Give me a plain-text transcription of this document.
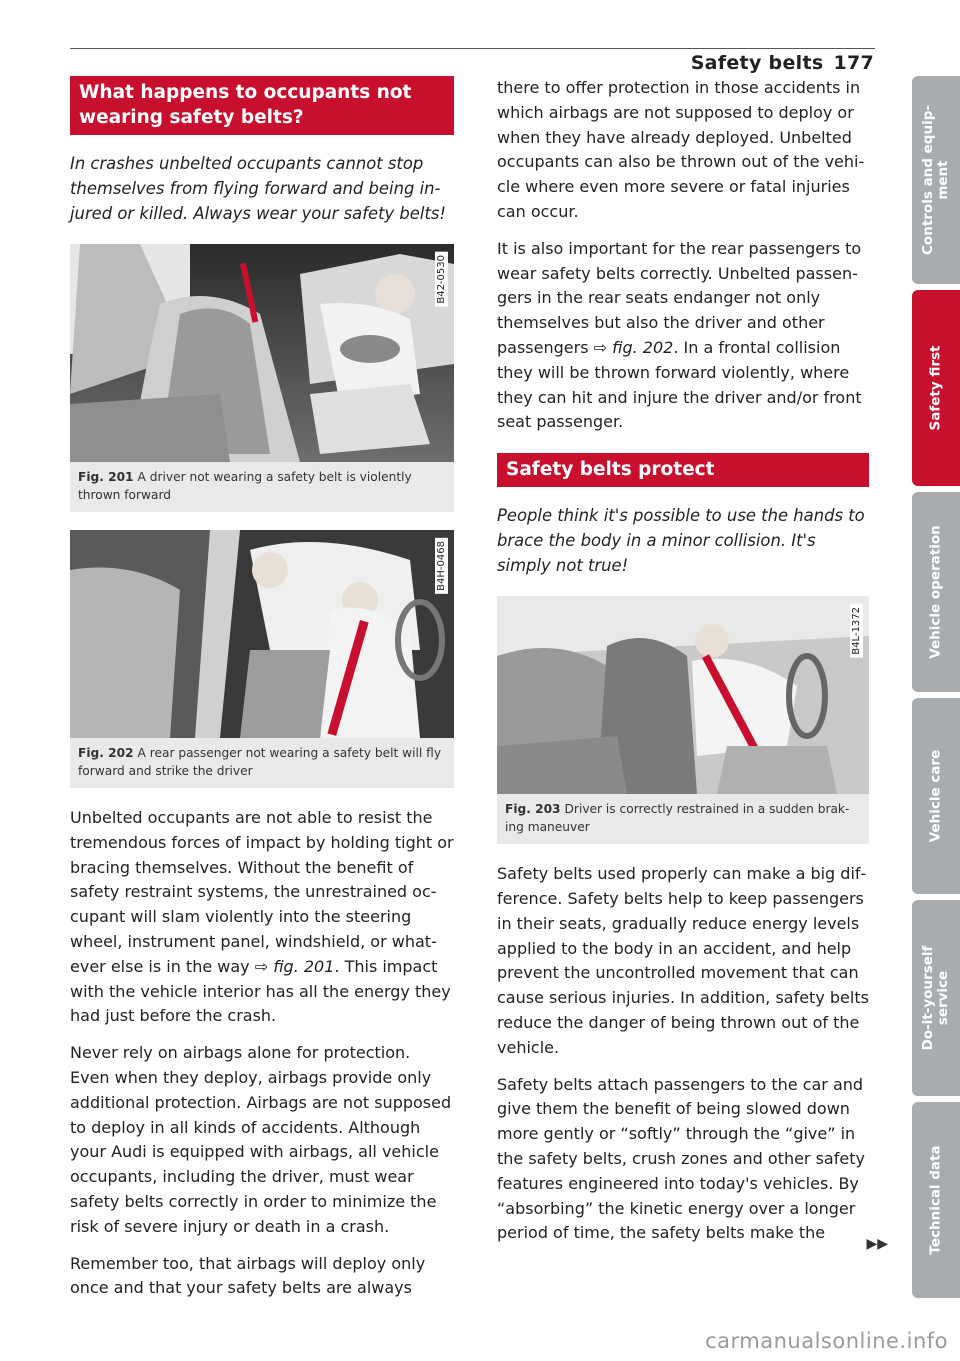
Safety belts 177
What happens to occupants not wearing safety belts?
In crashes unbelted occupants cannot stop themselves from flying forward and being injured or killed. Always wear your safety belts!
B42-0530
Fig. 201 A driver not wearing a safety belt is violently thrown forward
B4H-0468
Fig. 202 A rear passenger not wearing a safety belt will fly forward and strike the driver

Unbelted occupants are not able to resist the tremendous forces of impact by holding tight or bracing themselves. Without the benefit of safety restraint systems, the unrestrained occupant will slam violently into the steering wheel, instrument panel, windshield, or whatever else is in the way ⇨ fig. 201. This impact with the vehicle interior has all the energy they had just before the crash.

Never rely on airbags alone for protection. Even when they deploy, airbags provide only additional protection. Airbags are not supposed to deploy in all kinds of accidents. Although your Audi is equipped with airbags, all vehicle occupants, including the driver, must wear safety belts correctly in order to minimize the risk of severe injury or death in a crash.

Remember too, that airbags will deploy only once and that your safety belts are always

there to offer protection in those accidents in which airbags are not supposed to deploy or when they have already deployed. Unbelted occupants can also be thrown out of the vehicle where even more severe or fatal injuries can occur.

It is also important for the rear passengers to wear safety belts correctly. Unbelted passengers in the rear seats endanger not only themselves but also the driver and other passengers ⇨ fig. 202. In a frontal collision they will be thrown forward violently, where they can hit and injure the driver and/or front seat passenger.

Safety belts protect
People think it's possible to use the hands to brace the body in a minor collision. It's simply not true!
B4L-1372
Fig. 203 Driver is correctly restrained in a sudden braking maneuver

Safety belts used properly can make a big difference. Safety belts help to keep passengers in their seats, gradually reduce energy levels applied to the body in an accident, and help prevent the uncontrolled movement that can cause serious injuries. In addition, safety belts reduce the danger of being thrown out of the vehicle.

Safety belts attach passengers to the car and give them the benefit of being slowed down more gently or “softly” through the “give” in the safety belts, crush zones and other safety features engineered into today's vehicles. By “absorbing” the kinetic energy over a longer period of time, the safety belts make the

▶▶
Controls and equip-
ment
Safety first
Vehicle operation
Vehicle care
Do-it-yourself
service
Technical data
carmanualsonline.info
